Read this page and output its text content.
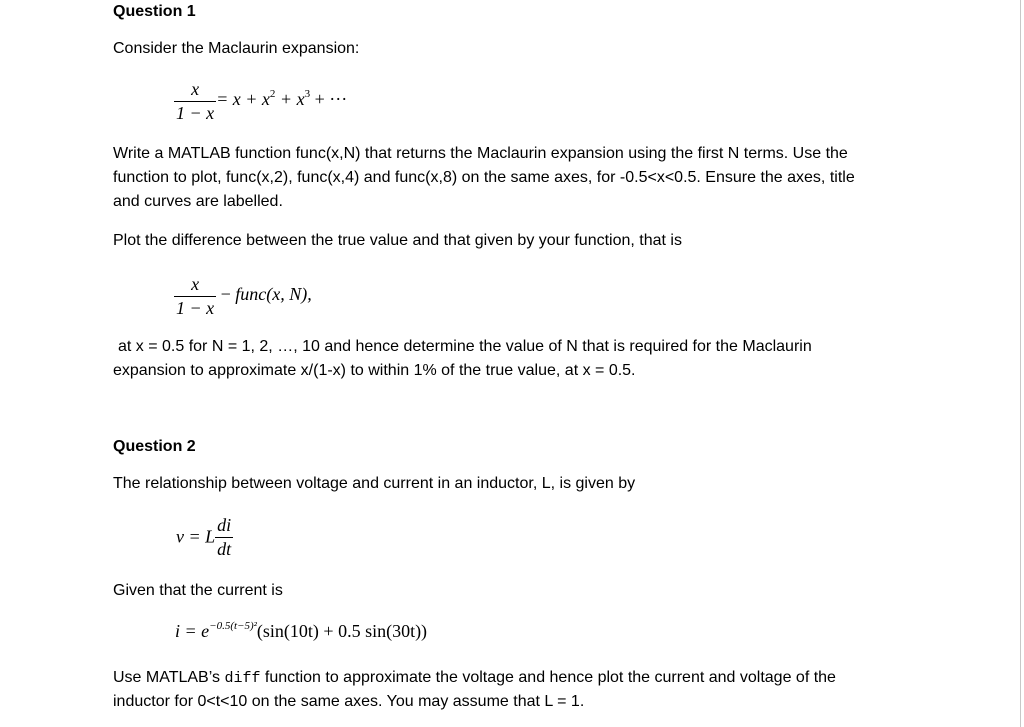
Question 1
Consider the Maclaurin expansion:
$\frac{x}{1 - x} = x + x^2 + x^3$ + ···
Write a MATLAB function func(x,N) that returns the Maclaurin expansion using the first N terms. Use the
function to plot, func(x,2), func(x,4) and func(x,8) on the same axes, for -0.5<x<0.5. Ensure the axes, title
and curves are labelled.
Plot the difference between the true value and that given by your function, that is
$\frac{x}{1 - x}$ − func(x, N),
at x = 0.5 for N = 1, 2, …, 10 and hence determine the value of N that is required for the Maclaurin
expansion to approximate x/(1-x) to within 1% of the true value, at x = 0.5.
Question 2
The relationship between voltage and current in an inductor, L, is given by
v = L $\frac{di}{dt}$
Given that the current is
$i = e^{-0.5(t-5)^2}(\sin(10t) + 0.5$ sin(30t))
Use MATLAB’s diff function to approximate the voltage and hence plot the current and voltage of the
inductor for 0<t<10 on the same axes. You may assume that L = 1.
